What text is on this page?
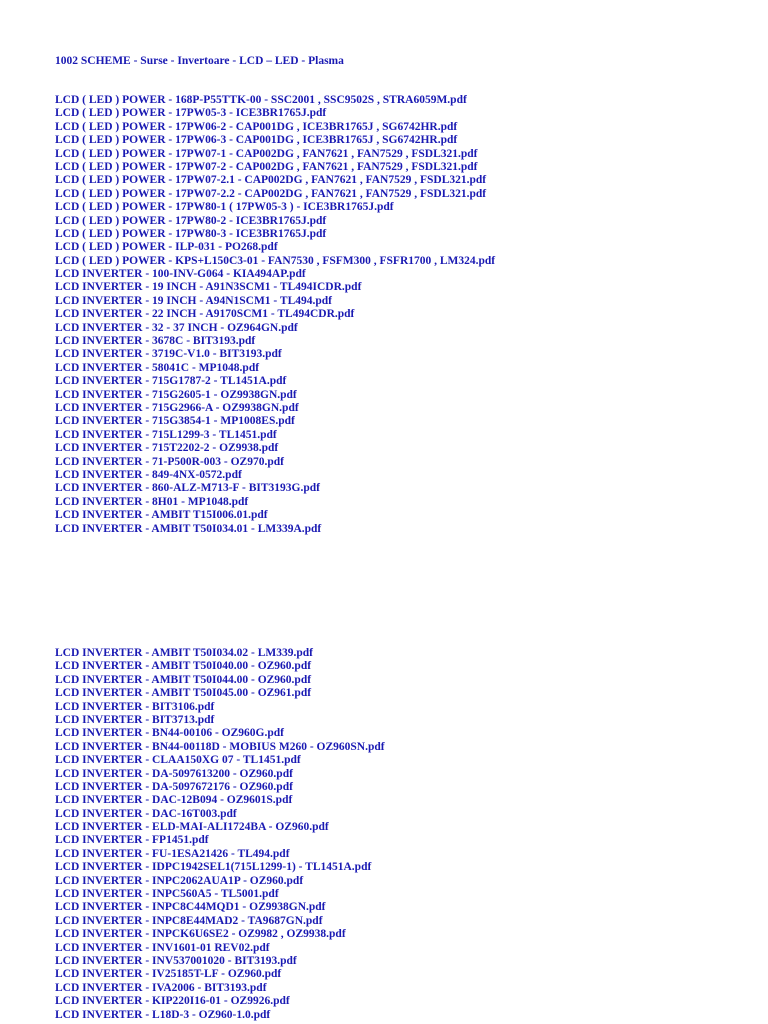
1002 SCHEME - Surse - Invertoare - LCD – LED - Plasma
LCD ( LED ) POWER - 168P-P55TTK-00 - SSC2001 , SSC9502S , STRA6059M.pdf
LCD ( LED ) POWER - 17PW05-3 - ICE3BR1765J.pdf
LCD ( LED ) POWER - 17PW06-2 - CAP001DG , ICE3BR1765J , SG6742HR.pdf
LCD ( LED ) POWER - 17PW06-3 - CAP001DG , ICE3BR1765J , SG6742HR.pdf
LCD ( LED ) POWER - 17PW07-1 - CAP002DG , FAN7621 , FAN7529 , FSDL321.pdf
LCD ( LED ) POWER - 17PW07-2 - CAP002DG , FAN7621 , FAN7529 , FSDL321.pdf
LCD ( LED ) POWER - 17PW07-2.1 - CAP002DG , FAN7621 , FAN7529 , FSDL321.pdf
LCD ( LED ) POWER - 17PW07-2.2 - CAP002DG , FAN7621 , FAN7529 , FSDL321.pdf
LCD ( LED ) POWER - 17PW80-1 ( 17PW05-3 ) - ICE3BR1765J.pdf
LCD ( LED ) POWER - 17PW80-2 - ICE3BR1765J.pdf
LCD ( LED ) POWER - 17PW80-3 - ICE3BR1765J.pdf
LCD ( LED ) POWER - ILP-031 - PO268.pdf
LCD ( LED ) POWER - KPS+L150C3-01 - FAN7530 , FSFM300 , FSFR1700 , LM324.pdf
LCD INVERTER - 100-INV-G064 - KIA494AP.pdf
LCD INVERTER - 19 INCH - A91N3SCM1 - TL494ICDR.pdf
LCD INVERTER - 19 INCH - A94N1SCM1 - TL494.pdf
LCD INVERTER - 22 INCH - A9170SCM1 - TL494CDR.pdf
LCD INVERTER - 32 - 37 INCH - OZ964GN.pdf
LCD INVERTER - 3678C - BIT3193.pdf
LCD INVERTER - 3719C-V1.0 - BIT3193.pdf
LCD INVERTER - 58041C - MP1048.pdf
LCD INVERTER - 715G1787-2 - TL1451A.pdf
LCD INVERTER - 715G2605-1 - OZ9938GN.pdf
LCD INVERTER - 715G2966-A - OZ9938GN.pdf
LCD INVERTER - 715G3854-1 - MP1008ES.pdf
LCD INVERTER - 715L1299-3 - TL1451.pdf
LCD INVERTER - 715T2202-2 - OZ9938.pdf
LCD INVERTER - 71-P500R-003 - OZ970.pdf
LCD INVERTER - 849-4NX-0572.pdf
LCD INVERTER - 860-ALZ-M713-F - BIT3193G.pdf
LCD INVERTER - 8H01 - MP1048.pdf
LCD INVERTER - AMBIT T15I006.01.pdf
LCD INVERTER - AMBIT T50I034.01 - LM339A.pdf
LCD INVERTER - AMBIT T50I034.02 - LM339.pdf
LCD INVERTER - AMBIT T50I040.00 - OZ960.pdf
LCD INVERTER - AMBIT T50I044.00 - OZ960.pdf
LCD INVERTER - AMBIT T50I045.00 - OZ961.pdf
LCD INVERTER - BIT3106.pdf
LCD INVERTER - BIT3713.pdf
LCD INVERTER - BN44-00106 - OZ960G.pdf
LCD INVERTER - BN44-00118D - MOBIUS M260 - OZ960SN.pdf
LCD INVERTER - CLAA150XG 07 - TL1451.pdf
LCD INVERTER - DA-5097613200 - OZ960.pdf
LCD INVERTER - DA-5097672176 - OZ960.pdf
LCD INVERTER - DAC-12B094 - OZ9601S.pdf
LCD INVERTER - DAC-16T003.pdf
LCD INVERTER - ELD-MAI-ALI1724BA - OZ960.pdf
LCD INVERTER - FP1451.pdf
LCD INVERTER - FU-1ESA21426 - TL494.pdf
LCD INVERTER - IDPC1942SEL1(715L1299-1) - TL1451A.pdf
LCD INVERTER - INPC2062AUA1P - OZ960.pdf
LCD INVERTER - INPC560A5 - TL5001.pdf
LCD INVERTER - INPC8C44MQD1 - OZ9938GN.pdf
LCD INVERTER - INPC8E44MAD2 - TA9687GN.pdf
LCD INVERTER - INPCK6U6SE2 - OZ9982 , OZ9938.pdf
LCD INVERTER - INV1601-01 REV02.pdf
LCD INVERTER - INV537001020 - BIT3193.pdf
LCD INVERTER - IV25185T-LF - OZ960.pdf
LCD INVERTER - IVA2006 - BIT3193.pdf
LCD INVERTER - KIP220I16-01 - OZ9926.pdf
LCD INVERTER - L18D-3 - OZ960-1.0.pdf
